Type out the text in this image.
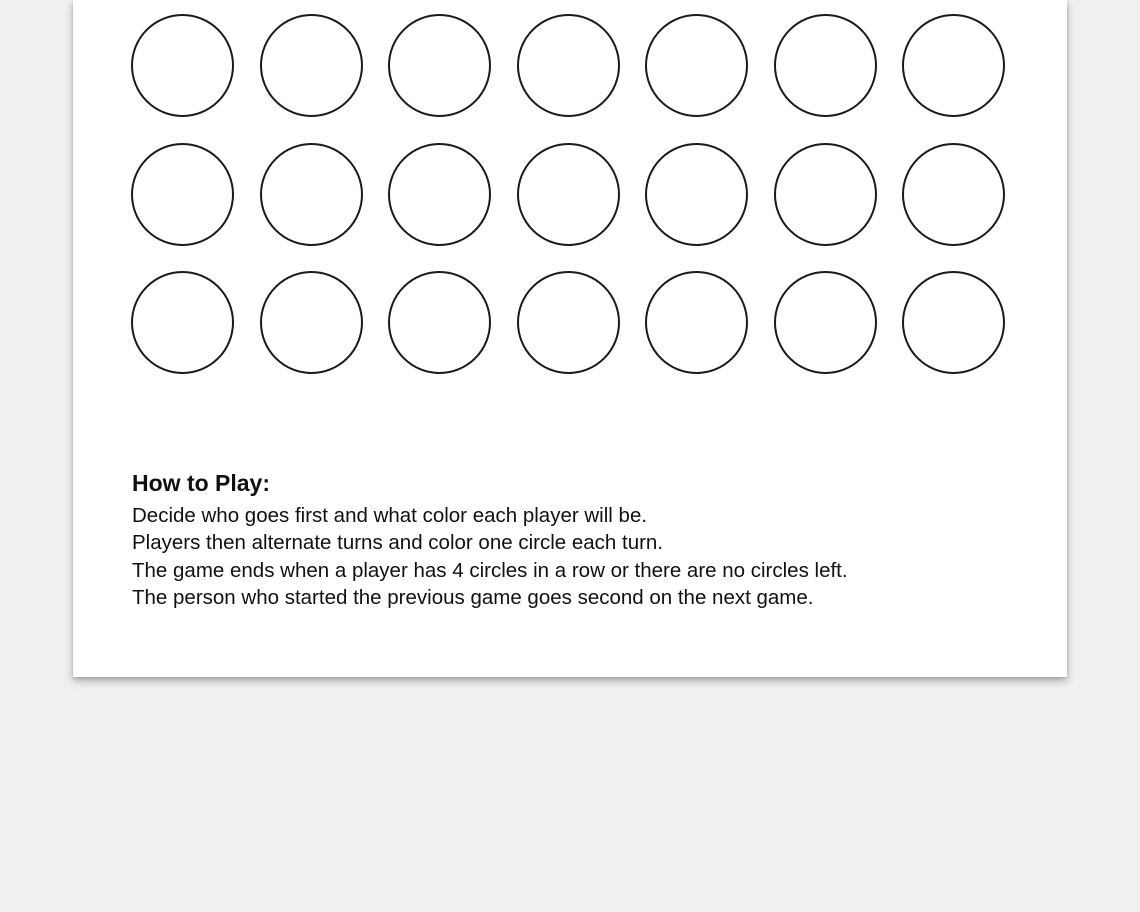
How to Play:

Decide who goes first and what color each player will be.

Players then alternate turns and color one circle each turn.

The game ends when a player has 4 circles in a row or there are no circles left.

The person who started the previous game goes second on the next game.
